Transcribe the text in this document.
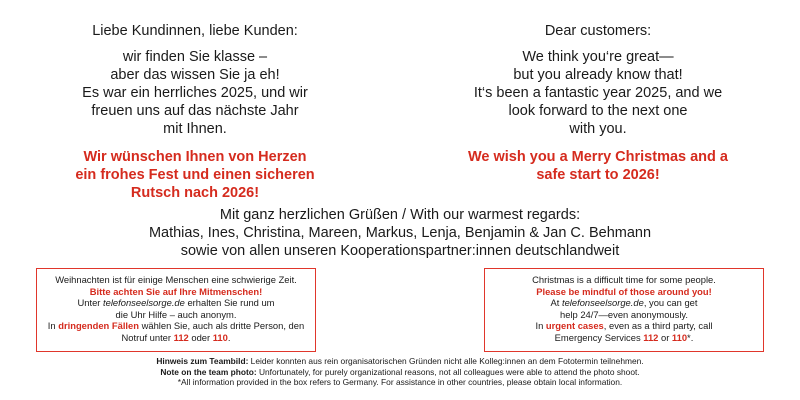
Liebe Kundinnen, liebe Kunden:

wir finden Sie klasse –
aber das wissen Sie ja eh!
Es war ein herrliches 2025, und wir
freuen uns auf das nächste Jahr
mit Ihnen.

Wir wünschen Ihnen von Herzen
ein frohes Fest und einen sicheren
Rutsch nach 2026!

Dear customers:

We think you‘re great—
but you already know that!
It‘s been a fantastic year 2025, and we
look forward to the next one
with you.

We wish you a Merry Christmas and a
safe start to 2026!

Mit ganz herzlichen Grüßen / With our warmest regards:
Mathias, Ines, Christina, Mareen, Markus, Lenja, Benjamin & Jan C. Behmann
sowie von allen unseren Kooperationspartner:innen deutschlandweit
Weihnachten ist für einige Menschen eine schwierige Zeit.
Bitte achten Sie auf Ihre Mitmenschen!
Unter telefonseelsorge.de erhalten Sie rund um
die Uhr Hilfe – auch anonym.
In dringenden Fällen wählen Sie, auch als dritte Person, den
Notruf unter 112 oder 110.
Christmas is a difficult time for some people.
Please be mindful of those around you!
At telefonseelsorge.de, you can get
help 24/7—even anonymously.
In urgent cases, even as a third party, call
Emergency Services 112 or 110*.
Hinweis zum Teambild: Leider konnten aus rein organisatorischen Gründen nicht alle Kolleg:innen an dem Fototermin teilnehmen.
Note on the team photo: Unfortunately, for purely organizational reasons, not all colleagues were able to attend the photo shoot.
*All information provided in the box refers to Germany. For assistance in other countries, please obtain local information.
